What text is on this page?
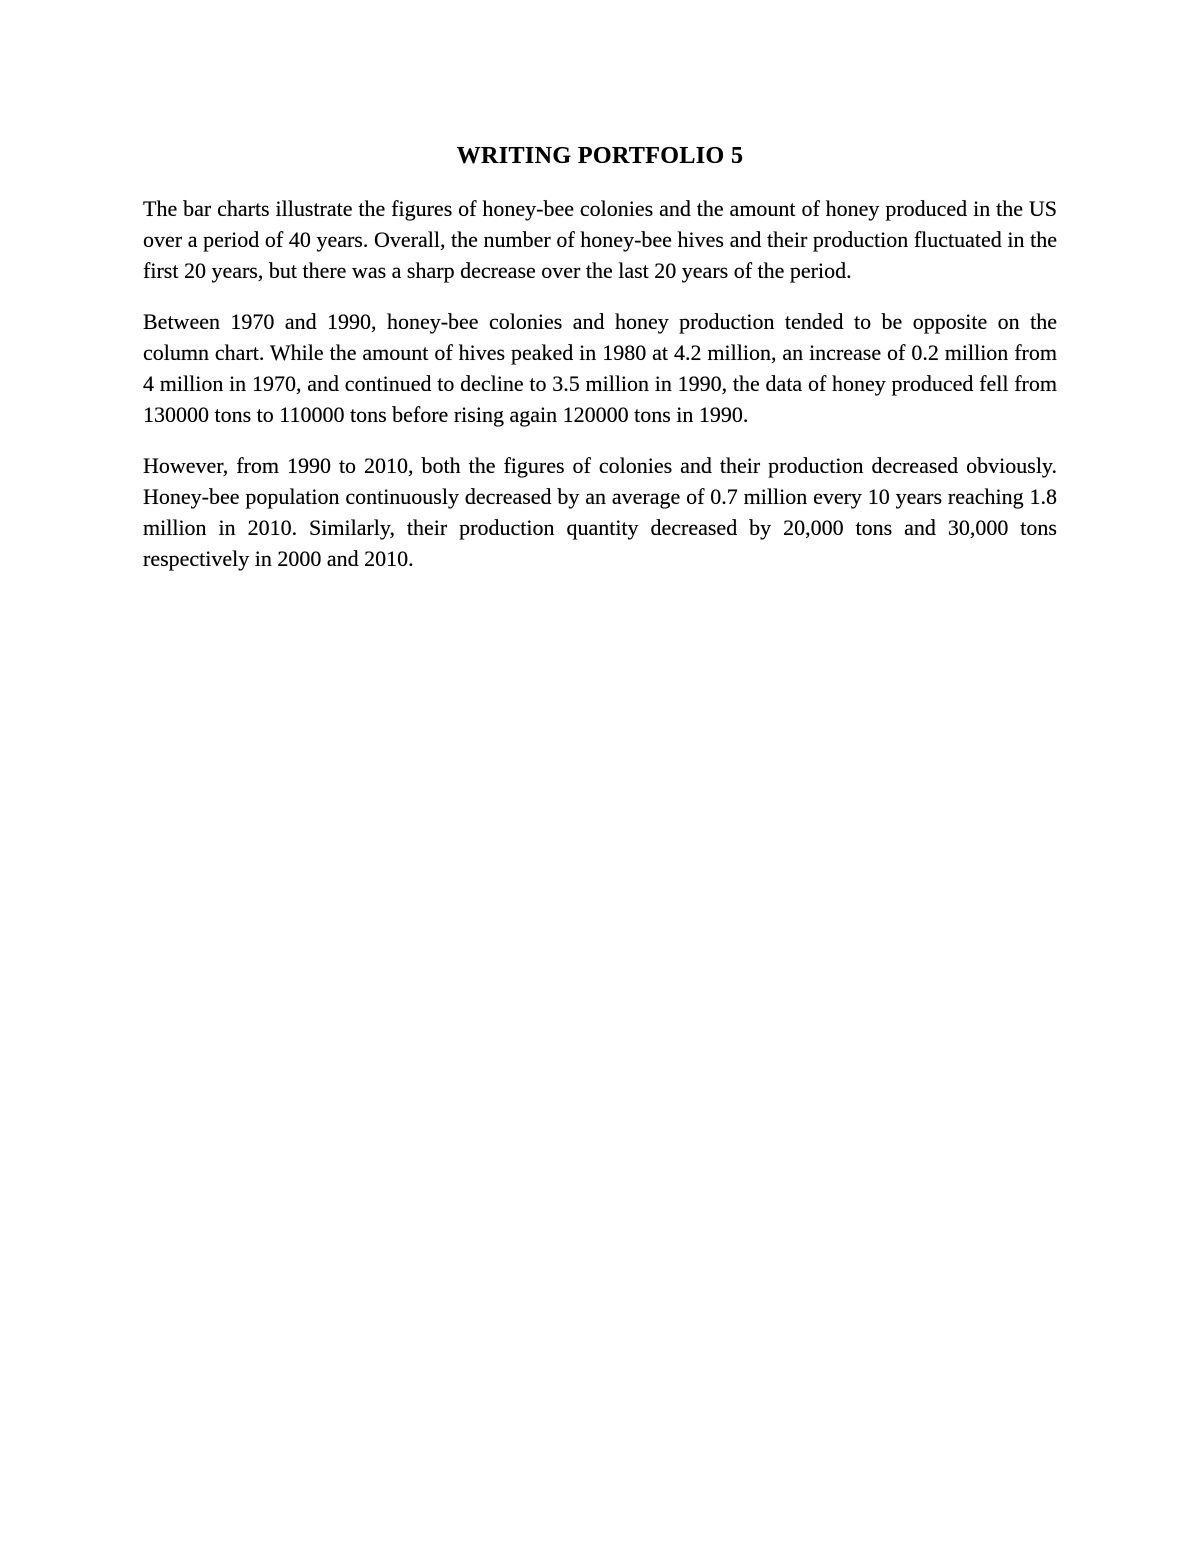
WRITING PORTFOLIO 5

The bar charts illustrate the figures of honey-bee colonies and the amount of honey produced in the US over a period of 40 years. Overall, the number of honey-bee hives and their production fluctuated in the first 20 years, but there was a sharp decrease over the last 20 years of the period.

Between 1970 and 1990, honey-bee colonies and honey production tended to be opposite on the column chart. While the amount of hives peaked in 1980 at 4.2 million, an increase of 0.2 million from 4 million in 1970, and continued to decline to 3.5 million in 1990, the data of honey produced fell from 130000 tons to 110000 tons before rising again 120000 tons in 1990.

However, from 1990 to 2010, both the figures of colonies and their production decreased obviously. Honey-bee population continuously decreased by an average of 0.7 million every 10 years reaching 1.8 million in 2010. Similarly, their production quantity decreased by 20,000 tons and 30,000 tons respectively in 2000 and 2010.
